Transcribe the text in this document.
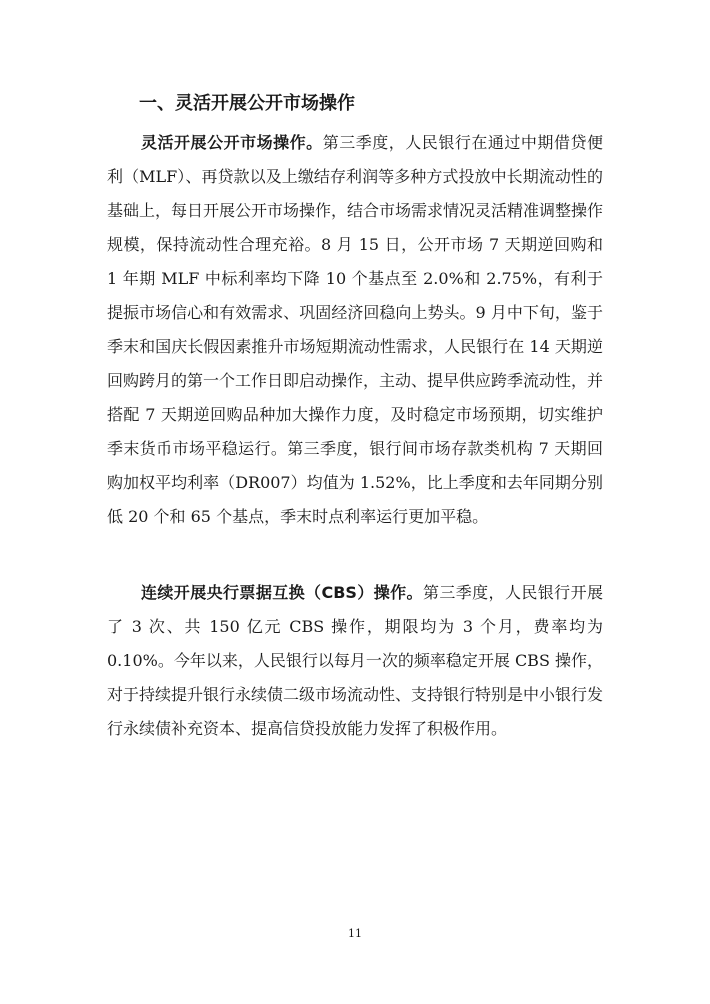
一、灵活开展公开市场操作
灵活开展公开市场操作。第三季度，人民银行在通过中期借贷便利（MLF）、再贷款以及上缴结存利润等多种方式投放中长期流动性的基础上，每日开展公开市场操作，结合市场需求情况灵活精准调整操作规模，保持流动性合理充裕。8 月 15 日，公开市场 7 天期逆回购和 1 年期 MLF 中标利率均下降 10 个基点至 2.0%和 2.75%，有利于提振市场信心和有效需求、巩固经济回稳向上势头。9 月中下旬，鉴于季末和国庆长假因素推升市场短期流动性需求，人民银行在 14 天期逆回购跨月的第一个工作日即启动操作，主动、提早供应跨季流动性，并搭配 7 天期逆回购品种加大操作力度，及时稳定市场预期，切实维护季末货币市场平稳运行。第三季度，银行间市场存款类机构 7 天期回购加权平均利率（DR007）均值为 1.52%，比上季度和去年同期分别低 20 个和 65 个基点，季末时点利率运行更加平稳。
连续开展央行票据互换（CBS）操作。第三季度，人民银行开展了 3 次、共 150 亿元 CBS 操作，期限均为 3 个月，费率均为 0.10%。今年以来，人民银行以每月一次的频率稳定开展 CBS 操作，对于持续提升银行永续债二级市场流动性、支持银行特别是中小银行发行永续债补充资本、提高信贷投放能力发挥了积极作用。
11
